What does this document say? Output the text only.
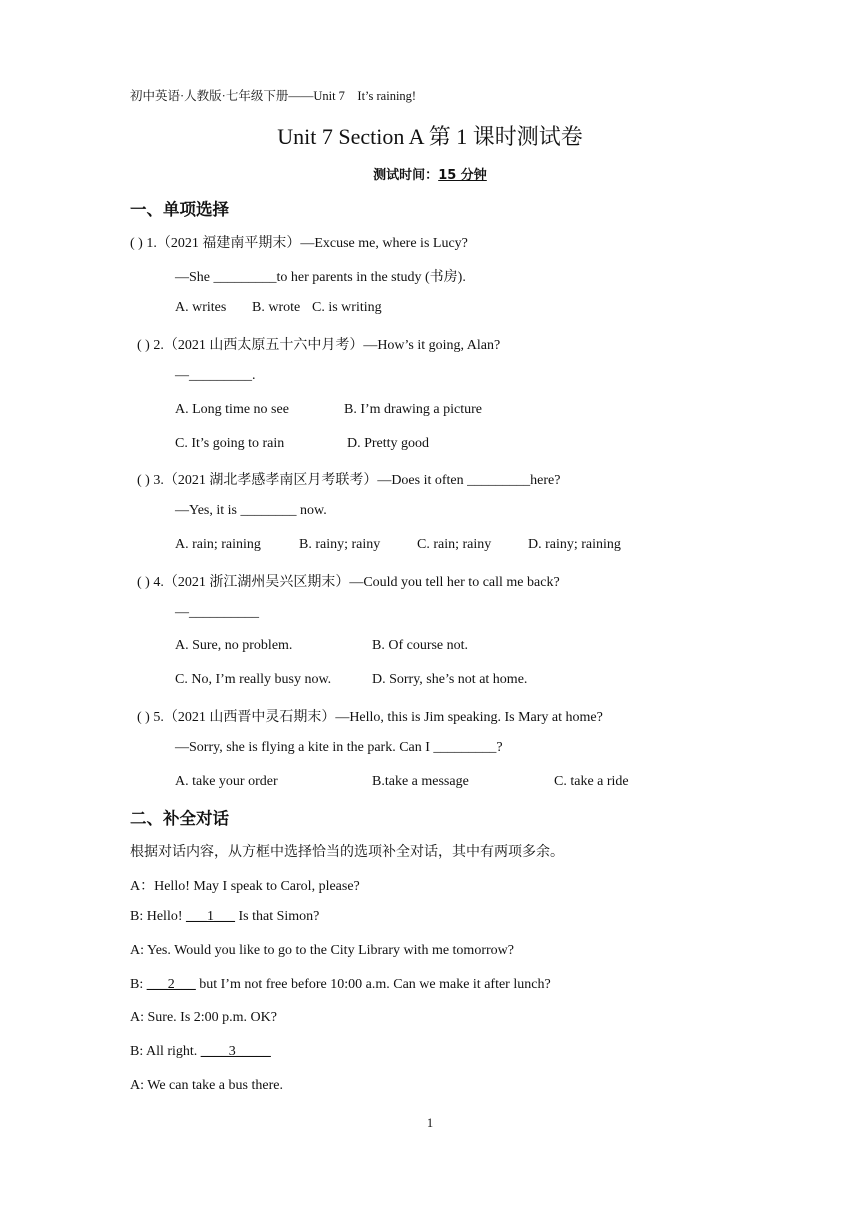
初中英语·人教版·七年级下册——Unit 7　It’s raining!
Unit 7 Section A 第 1 课时测试卷
测试时间：15 分钟
一、单项选择
( ) 1.（2021 福建南平期末）—Excuse me, where is Lucy?
—She _________to her parents in the study (书房).
A. writes B. wrote C. is writing
( ) 2.（2021 山西太原五十六中月考）—How’s it going, Alan?
—_________.
A. Long time no see	B. I’m drawing a picture
C. It’s going to rain	D. Pretty good
( ) 3.（2021 湖北孝感孝南区月考联考）—Does it often _________here?
—Yes, it is ________ now.
A. rain; raining	B. rainy; rainy	C. rain; rainy	D. rainy; raining
( ) 4.（2021 浙江湖州吴兴区期末）—Could you tell her to call me back?
—__________
A. Sure, no problem.	B. Of course not.
C. No, I’m really busy now.	D. Sorry, she’s not at home.
( ) 5.（2021 山西晋中灵石期末）—Hello, this is Jim speaking. Is Mary at home?
—Sorry, she is flying a kite in the park. Can I _________?
A. take your order	B.take a message	C. take a ride
二、补全对话
根据对话内容，从方框中选择恰当的选项补全对话，其中有两项多余。
A：Hello! May I speak to Carol, please?
B: Hello! ___1___ Is that Simon?
A: Yes. Would you like to go to the City Library with me tomorrow?
B: ___2___ but I’m not free before 10:00 a.m. Can we make it after lunch?
A: Sure. Is 2:00 p.m. OK?
B: All right. ____3_____
A: We can take a bus there.
1
